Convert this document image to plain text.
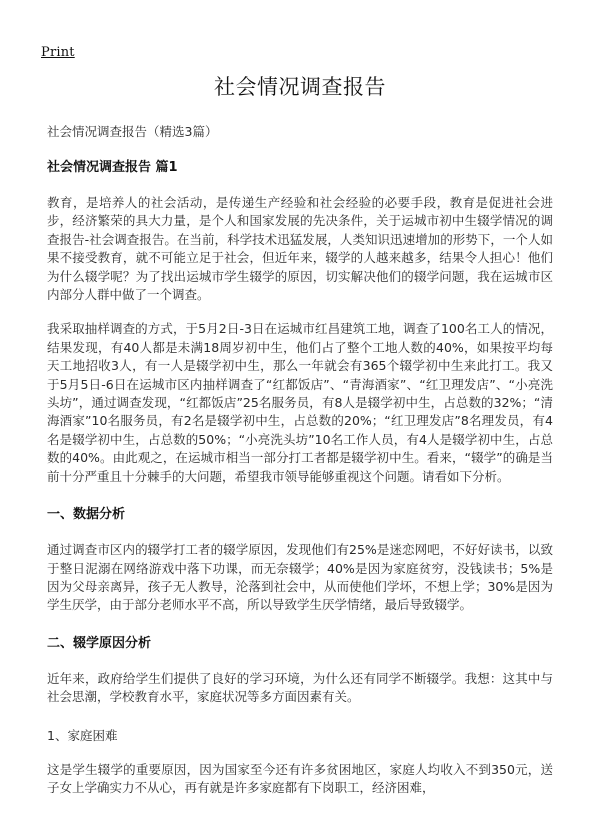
Print
社会情况调查报告
社会情况调查报告（精选3篇）
社会情况调查报告 篇1

教育，是培养人的社会活动，是传递生产经验和社会经验的必要手段，教育是促进社会进步，经济繁荣的具大力量，是个人和国家发展的先决条件，关于运城市初中生辍学情况的调查报告-社会调查报告。在当前，科学技术迅猛发展，人类知识迅速增加的形势下，一个人如果不接受教育，就不可能立足于社会，但近年来，辍学的人越来越多，结果令人担心！他们为什么辍学呢？为了找出运城市学生辍学的原因，切实解决他们的辍学问题，我在运城市区内部分人群中做了一个调查。

我采取抽样调查的方式，于5月2日-3日在运城市红昌建筑工地，调查了100名工人的情况，结果发现，有40人都是未满18周岁初中生，他们占了整个工地人数的40%，如果按平均每天工地招收3人，有一人是辍学初中生，那么一年就会有365个辍学初中生来此打工。我又于5月5日-6日在运城市区内抽样调查了“红都饭店”、“青海酒家”、“红卫理发店”、“小亮洗头坊”，通过调查发现，“红都饭店”25名服务员，有8人是辍学初中生，占总数的32%；“清海酒家”10名服务员，有2名是辍学初中生，占总数的20%；“红卫理发店”8名理发员，有4名是辍学初中生，占总数的50%；“小亮洗头坊”10名工作人员，有4人是辍学初中生，占总数的40%。由此观之，在运城市相当一部分打工者都是辍学初中生。看来，“辍学”的确是当前十分严重且十分棘手的大问题，希望我市领导能够重视这个问题。请看如下分析。

一、数据分析

通过调查市区内的辍学打工者的辍学原因，发现他们有25%是迷恋网吧，不好好读书，以致于整日泥溺在网络游戏中落下功课，而无奈辍学；40%是因为家庭贫穷，没钱读书；5%是因为父母亲离异，孩子无人教导，沦落到社会中，从而使他们学坏，不想上学；30%是因为学生厌学，由于部分老师水平不高，所以导致学生厌学情绪，最后导致辍学。

二、辍学原因分析

近年来，政府给学生们提供了良好的学习环境，为什么还有同学不断辍学。我想：这其中与社会思潮，学校教育水平，家庭状况等多方面因素有关。

1、家庭困难

这是学生辍学的重要原因，因为国家至今还有许多贫困地区，家庭人均收入不到350元，送子女上学确实力不从心，再有就是许多家庭都有下岗职工，经济困难，
